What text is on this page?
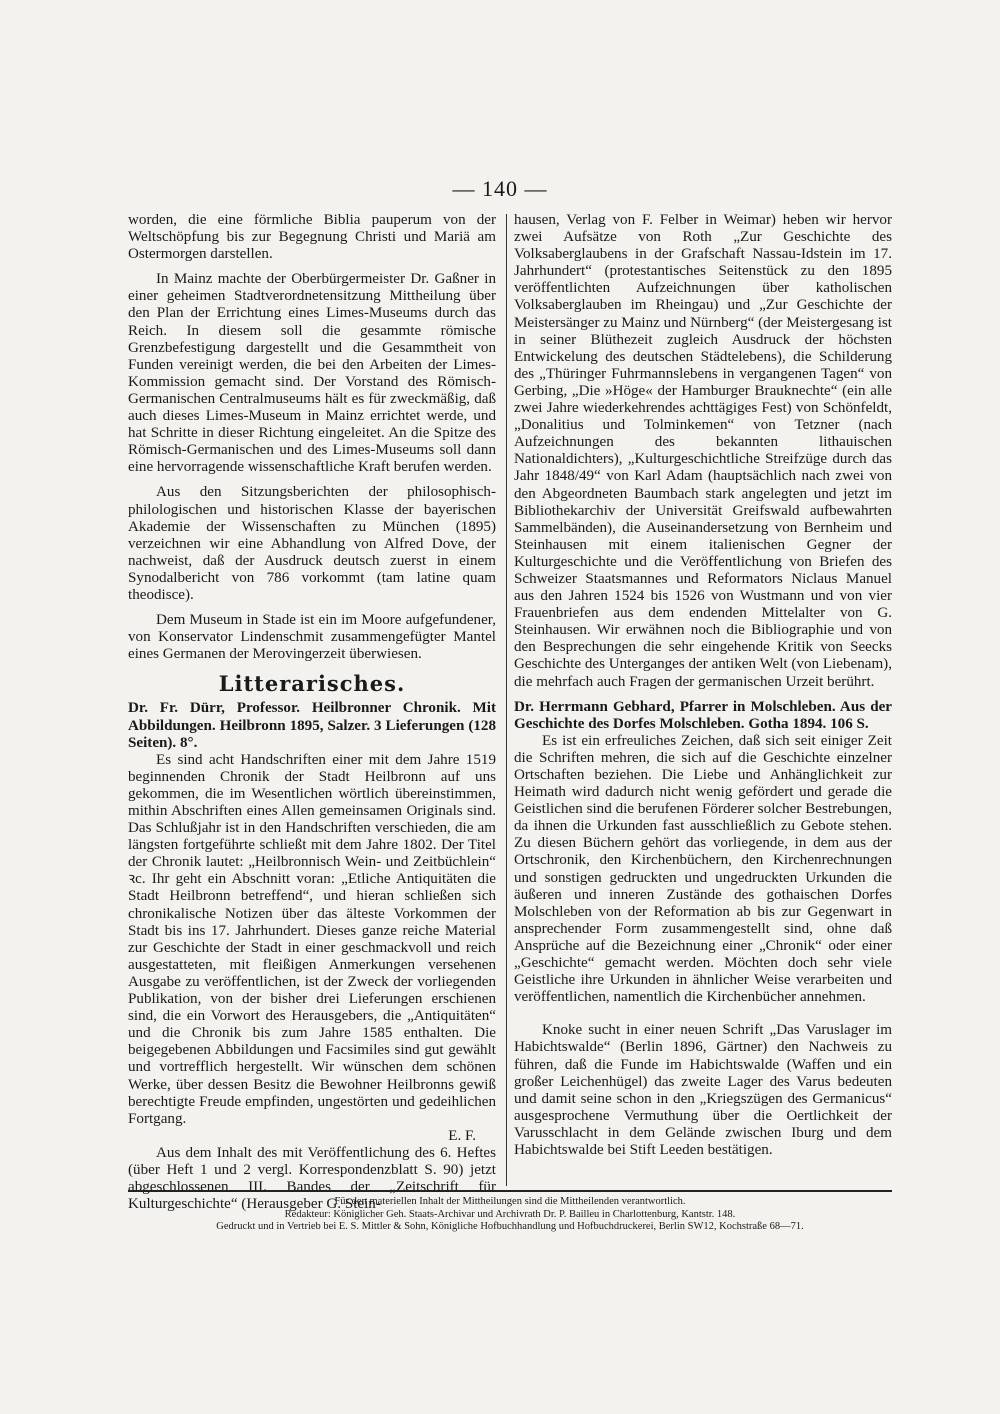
— 140 —

worden, die eine förmliche Biblia pauperum von der Weltschöpfung bis zur Begegnung Christi und Mariä am Ostermorgen darstellen.

In Mainz machte der Oberbürgermeister Dr. Gaßner in einer geheimen Stadtverordnetensitzung Mittheilung über den Plan der Errichtung eines Limes-Museums durch das Reich. In diesem soll die gesammte römische Grenzbefestigung dargestellt und die Gesammtheit von Funden vereinigt werden, die bei den Arbeiten der Limes-Kommission gemacht sind. Der Vorstand des Römisch-Germanischen Centralmuseums hält es für zweckmäßig, daß auch dieses Limes-Museum in Mainz errichtet werde, und hat Schritte in dieser Richtung eingeleitet. An die Spitze des Römisch-Germanischen und des Limes-Museums soll dann eine hervorragende wissenschaftliche Kraft berufen werden.

Aus den Sitzungsberichten der philosophisch-philologischen und historischen Klasse der bayerischen Akademie der Wissenschaften zu München (1895) verzeichnen wir eine Abhandlung von Alfred Dove, der nachweist, daß der Ausdruck deutsch zuerst in einem Synodalbericht von 786 vorkommt (tam latine quam theodisce).

Dem Museum in Stade ist ein im Moore aufgefundener, von Konservator Lindenschmit zusammengefügter Mantel eines Germanen der Merovingerzeit überwiesen.

Litterarisches.

Dr. Fr. Dürr, Professor. Heilbronner Chronik. Mit Abbildungen. Heilbronn 1895, Salzer. 3 Lieferungen (128 Seiten). 8°.

Es sind acht Handschriften einer mit dem Jahre 1519 beginnenden Chronik der Stadt Heilbronn auf uns gekommen, die im Wesentlichen wörtlich übereinstimmen, mithin Abschriften eines Allen gemeinsamen Originals sind. Das Schlußjahr ist in den Handschriften verschieden, die am längsten fortgeführte schließt mit dem Jahre 1802. Der Titel der Chronik lautet: „Heilbronnisch Wein- und Zeitbüchlein“ ꝛc. Ihr geht ein Abschnitt voran: „Etliche Antiquitäten die Stadt Heilbronn betreffend“, und hieran schließen sich chronikalische Notizen über das älteste Vorkommen der Stadt bis ins 17. Jahrhundert. Dieses ganze reiche Material zur Geschichte der Stadt in einer geschmackvoll und reich ausgestatteten, mit fleißigen Anmerkungen versehenen Ausgabe zu veröffentlichen, ist der Zweck der vorliegenden Publikation, von der bisher drei Lieferungen erschienen sind, die ein Vorwort des Herausgebers, die „Antiquitäten“ und die Chronik bis zum Jahre 1585 enthalten. Die beigegebenen Abbildungen und Facsimiles sind gut gewählt und vortrefflich hergestellt. Wir wünschen dem schönen Werke, über dessen Besitz die Bewohner Heilbronns gewiß berechtigte Freude empfinden, ungestörten und gedeihlichen Fortgang.

E. F.

Aus dem Inhalt des mit Veröffentlichung des 6. Heftes (über Heft 1 und 2 vergl. Korrespondenzblatt S. 90) jetzt abgeschlossenen III. Bandes der „Zeitschrift für Kulturgeschichte“ (Herausgeber G. Stein-

hausen, Verlag von F. Felber in Weimar) heben wir hervor zwei Aufsätze von Roth „Zur Geschichte des Volksaberglaubens in der Grafschaft Nassau-Idstein im 17. Jahrhundert“ (protestantisches Seitenstück zu den 1895 veröffentlichten Aufzeichnungen über katholischen Volksaberglauben im Rheingau) und „Zur Geschichte der Meistersänger zu Mainz und Nürnberg“ (der Meistergesang ist in seiner Blüthezeit zugleich Ausdruck der höchsten Entwickelung des deutschen Städtelebens), die Schilderung des „Thüringer Fuhrmannslebens in vergangenen Tagen“ von Gerbing, „Die »Höge« der Hamburger Brauknechte“ (ein alle zwei Jahre wiederkehrendes achttägiges Fest) von Schönfeldt, „Donalitius und Tolminkemen“ von Tetzner (nach Aufzeichnungen des bekannten lithauischen Nationaldichters), „Kulturgeschichtliche Streifzüge durch das Jahr 1848/49“ von Karl Adam (hauptsächlich nach zwei von den Abgeordneten Baumbach stark angelegten und jetzt im Bibliothekarchiv der Universität Greifswald aufbewahrten Sammelbänden), die Auseinandersetzung von Bernheim und Steinhausen mit einem italienischen Gegner der Kulturgeschichte und die Veröffentlichung von Briefen des Schweizer Staatsmannes und Reformators Niclaus Manuel aus den Jahren 1524 bis 1526 von Wustmann und von vier Frauenbriefen aus dem endenden Mittelalter von G. Steinhausen. Wir erwähnen noch die Bibliographie und von den Besprechungen die sehr eingehende Kritik von Seecks Geschichte des Unterganges der antiken Welt (von Liebenam), die mehrfach auch Fragen der germanischen Urzeit berührt.

Dr. Herrmann Gebhard, Pfarrer in Molschleben. Aus der Geschichte des Dorfes Molschleben. Gotha 1894. 106 S.

Es ist ein erfreuliches Zeichen, daß sich seit einiger Zeit die Schriften mehren, die sich auf die Geschichte einzelner Ortschaften beziehen. Die Liebe und Anhänglichkeit zur Heimath wird dadurch nicht wenig gefördert und gerade die Geistlichen sind die berufenen Förderer solcher Bestrebungen, da ihnen die Urkunden fast ausschließlich zu Gebote stehen. Zu diesen Büchern gehört das vorliegende, in dem aus der Ortschronik, den Kirchenbüchern, den Kirchenrechnungen und sonstigen gedruckten und ungedruckten Urkunden die äußeren und inneren Zustände des gothaischen Dorfes Molschleben von der Reformation ab bis zur Gegenwart in ansprechender Form zusammengestellt sind, ohne daß Ansprüche auf die Bezeichnung einer „Chronik“ oder einer „Geschichte“ gemacht werden. Möchten doch sehr viele Geistliche ihre Urkunden in ähnlicher Weise verarbeiten und veröffentlichen, namentlich die Kirchenbücher annehmen.

Knoke sucht in einer neuen Schrift „Das Varuslager im Habichtswalde“ (Berlin 1896, Gärtner) den Nachweis zu führen, daß die Funde im Habichtswalde (Waffen und ein großer Leichenhügel) das zweite Lager des Varus bedeuten und damit seine schon in den „Kriegszügen des Germanicus“ ausgesprochene Vermuthung über die Oertlichkeit der Varusschlacht in dem Gelände zwischen Iburg und dem Habichtswalde bei Stift Leeden bestätigen.

Für den materiellen Inhalt der Mittheilungen sind die Mittheilenden verantwortlich.
Redakteur: Königlicher Geh. Staats-Archivar und Archivrath Dr. P. Bailleu in Charlottenburg, Kantstr. 148.
Gedruckt und in Vertrieb bei E. S. Mittler & Sohn, Königliche Hofbuchhandlung und Hofbuchdruckerei, Berlin SW12, Kochstraße 68—71.
